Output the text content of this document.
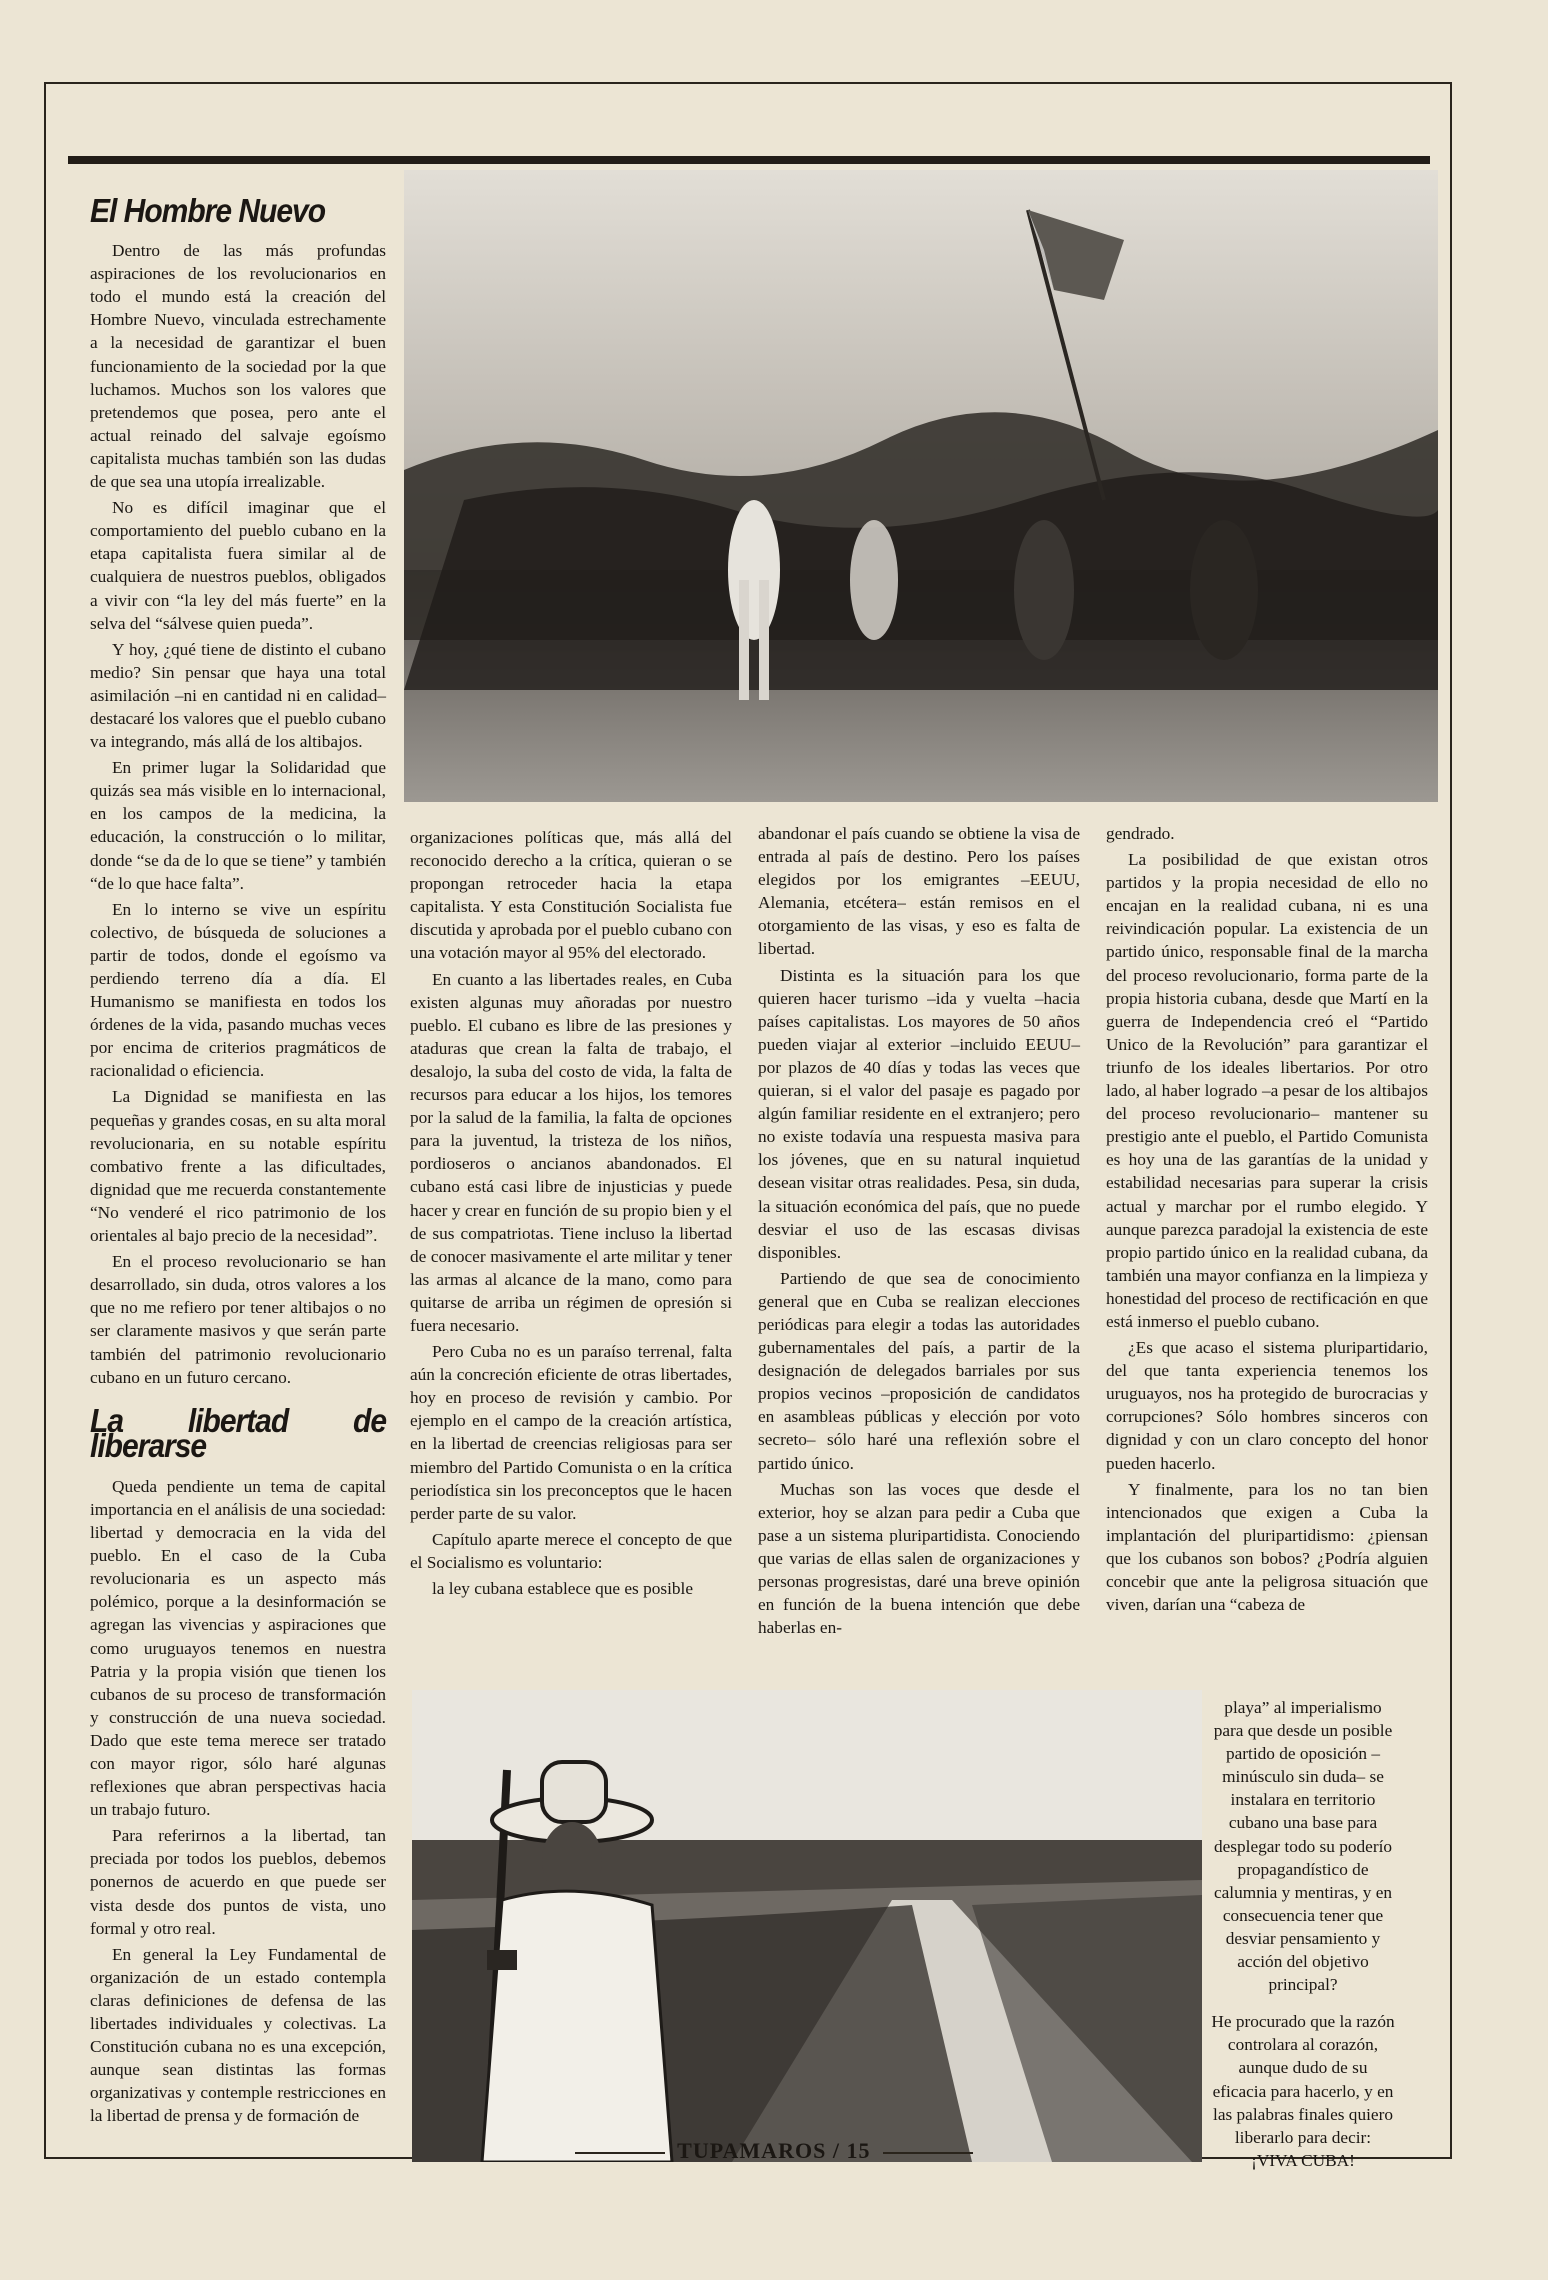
El Hombre Nuevo

Dentro de las más profundas aspiraciones de los revolucionarios en todo el mundo está la creación del Hombre Nuevo, vinculada estrechamente a la necesidad de garantizar el buen funcionamiento de la sociedad por la que luchamos. Muchos son los valores que pretendemos que posea, pero ante el actual reinado del salvaje egoísmo capitalista muchas también son las dudas de que sea una utopía irrealizable.

No es difícil imaginar que el comportamiento del pueblo cubano en la etapa capitalista fuera similar al de cualquiera de nuestros pueblos, obligados a vivir con “la ley del más fuerte” en la selva del “sálvese quien pueda”.

Y hoy, ¿qué tiene de distinto el cubano medio? Sin pensar que haya una total asimilación –ni en cantidad ni en calidad– destacaré los valores que el pueblo cubano va integrando, más allá de los altibajos.

En primer lugar la Solidaridad que quizás sea más visible en lo internacional, en los campos de la medicina, la educación, la construcción o lo militar, donde “se da de lo que se tiene” y también “de lo que hace falta”.

En lo interno se vive un espíritu colectivo, de búsqueda de soluciones a partir de todos, donde el egoísmo va perdiendo terreno día a día. El Humanismo se manifiesta en todos los órdenes de la vida, pasando muchas veces por encima de criterios pragmáticos de racionalidad o eficiencia.

La Dignidad se manifiesta en las pequeñas y grandes cosas, en su alta moral revolucionaria, en su notable espíritu combativo frente a las dificultades, dignidad que me recuerda constantemente “No venderé el rico patrimonio de los orientales al bajo precio de la necesidad”.

En el proceso revolucionario se han desarrollado, sin duda, otros valores a los que no me refiero por tener altibajos o no ser claramente masivos y que serán parte también del patrimonio revolucionario cubano en un futuro cercano.

La libertad de liberarse

Queda pendiente un tema de capital importancia en el análisis de una sociedad: libertad y democracia en la vida del pueblo. En el caso de la Cuba revolucionaria es un aspecto más polémico, porque a la desinformación se agregan las vivencias y aspiraciones que como uruguayos tenemos en nuestra Patria y la propia visión que tienen los cubanos de su proceso de transformación y construcción de una nueva sociedad. Dado que este tema merece ser tratado con mayor rigor, sólo haré algunas reflexiones que abran perspectivas hacia un trabajo futuro.

Para referirnos a la libertad, tan preciada por todos los pueblos, debemos ponernos de acuerdo en que puede ser vista desde dos puntos de vista, uno formal y otro real.

En general la Ley Fundamental de organización de un estado contempla claras definiciones de defensa de las libertades individuales y colectivas. La Constitución cubana no es una excepción, aunque sean distintas las formas organizativas y contemple restricciones en la libertad de prensa y de formación de

organizaciones políticas que, más allá del reconocido derecho a la crítica, quieran o se propongan retroceder hacia la etapa capitalista. Y esta Constitución Socialista fue discutida y aprobada por el pueblo cubano con una votación mayor al 95% del electorado.

En cuanto a las libertades reales, en Cuba existen algunas muy añoradas por nuestro pueblo. El cubano es libre de las presiones y ataduras que crean la falta de trabajo, el desalojo, la suba del costo de vida, la falta de recursos para educar a los hijos, los temores por la salud de la familia, la falta de opciones para la juventud, la tristeza de los niños, pordioseros o ancianos abandonados. El cubano está casi libre de injusticias y puede hacer y crear en función de su propio bien y el de sus compatriotas. Tiene incluso la libertad de conocer masivamente el arte militar y tener las armas al alcance de la mano, como para quitarse de arriba un régimen de opresión si fuera necesario.

Pero Cuba no es un paraíso terrenal, falta aún la concreción eficiente de otras libertades, hoy en proceso de revisión y cambio. Por ejemplo en el campo de la creación artística, en la libertad de creencias religiosas para ser miembro del Partido Comunista o en la crítica periodística sin los preconceptos que le hacen perder parte de su valor.

Capítulo aparte merece el concepto de que el Socialismo es voluntario:

la ley cubana establece que es posible

abandonar el país cuando se obtiene la visa de entrada al país de destino. Pero los países elegidos por los emigrantes –EEUU, Alemania, etcétera– están remisos en el otorgamiento de las visas, y eso es falta de libertad.

Distinta es la situación para los que quieren hacer turismo –ida y vuelta –hacia países capitalistas. Los mayores de 50 años pueden viajar al exterior –incluido EEUU– por plazos de 40 días y todas las veces que quieran, si el valor del pasaje es pagado por algún familiar residente en el extranjero; pero no existe todavía una respuesta masiva para los jóvenes, que en su natural inquietud desean visitar otras realidades. Pesa, sin duda, la situación económica del país, que no puede desviar el uso de las escasas divisas disponibles.

Partiendo de que sea de conocimiento general que en Cuba se realizan elecciones periódicas para elegir a todas las autoridades gubernamentales del país, a partir de la designación de delegados barriales por sus propios vecinos –proposición de candidatos en asambleas públicas y elección por voto secreto– sólo haré una reflexión sobre el partido único.

Muchas son las voces que desde el exterior, hoy se alzan para pedir a Cuba que pase a un sistema pluripartidista. Conociendo que varias de ellas salen de organizaciones y personas progresistas, daré una breve opinión en función de la buena intención que debe haberlas en-

gendrado.

La posibilidad de que existan otros partidos y la propia necesidad de ello no encajan en la realidad cubana, ni es una reivindicación popular. La existencia de un partido único, responsable final de la marcha del proceso revolucionario, forma parte de la propia historia cubana, desde que Martí en la guerra de Independencia creó el “Partido Unico de la Revolución” para garantizar el triunfo de los ideales libertarios. Por otro lado, al haber logrado –a pesar de los altibajos del proceso revolucionario– mantener su prestigio ante el pueblo, el Partido Comunista es hoy una de las garantías de la unidad y estabilidad necesarias para superar la crisis actual y marchar por el rumbo elegido. Y aunque parezca paradojal la existencia de este propio partido único en la realidad cubana, da también una mayor confianza en la limpieza y honestidad del proceso de rectificación en que está inmerso el pueblo cubano.

¿Es que acaso el sistema pluripartidario, del que tanta experiencia tenemos los uruguayos, nos ha protegido de burocracias y corrupciones? Sólo hombres sinceros con dignidad y con un claro concepto del honor pueden hacerlo.

Y finalmente, para los no tan bien intencionados que exigen a Cuba la implantación del pluripartidismo: ¿piensan que los cubanos son bobos? ¿Podría alguien concebir que ante la peligrosa situación que viven, darían una “cabeza de

playa” al imperialismo para que desde un posible partido de oposición –minúsculo sin duda– se instalara en territorio cubano una base para desplegar todo su poderío propagandístico de calumnia y mentiras, y en consecuencia tener que desviar pensamiento y acción del objetivo principal?

He procurado que la razón controlara al corazón, aunque dudo de su eficacia para hacerlo, y en las palabras finales quiero liberarlo para decir: ¡VIVA CUBA!

TUPAMAROS / 15
